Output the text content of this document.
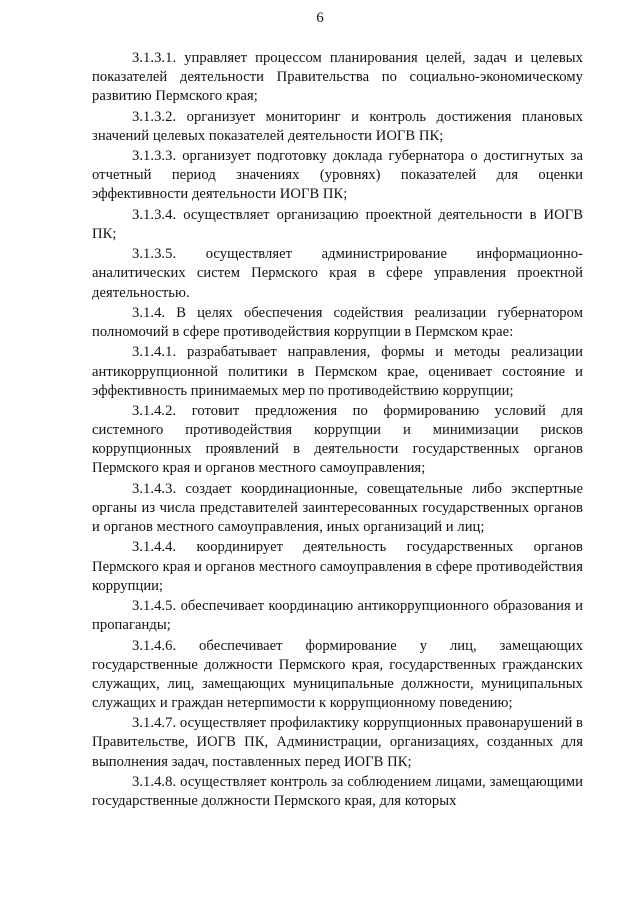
6

3.1.3.1. управляет процессом планирования целей, задач и целевых показателей деятельности Правительства по социально-экономическому развитию Пермского края;

3.1.3.2. организует мониторинг и контроль достижения плановых значений целевых показателей деятельности ИОГВ ПК;

3.1.3.3. организует подготовку доклада губернатора о достигнутых за отчетный период значениях (уровнях) показателей для оценки эффективности деятельности ИОГВ ПК;

3.1.3.4. осуществляет организацию проектной деятельности в ИОГВ ПК;

3.1.3.5. осуществляет администрирование информационно-аналитических систем Пермского края в сфере управления проектной деятельностью.

3.1.4. В целях обеспечения содействия реализации губернатором полномочий в сфере противодействия коррупции в Пермском крае:

3.1.4.1. разрабатывает направления, формы и методы реализации антикоррупционной политики в Пермском крае, оценивает состояние и эффективность принимаемых мер по противодействию коррупции;

3.1.4.2. готовит предложения по формированию условий для системного противодействия коррупции и минимизации рисков коррупционных проявлений в деятельности государственных органов Пермского края и органов местного самоуправления;

3.1.4.3. создает координационные, совещательные либо экспертные органы из числа представителей заинтересованных государственных органов и органов местного самоуправления, иных организаций и лиц;

3.1.4.4. координирует деятельность государственных органов Пермского края и органов местного самоуправления в сфере противодействия коррупции;

3.1.4.5. обеспечивает координацию антикоррупционного образования и пропаганды;

3.1.4.6. обеспечивает формирование у лиц, замещающих государственные должности Пермского края, государственных гражданских служащих, лиц, замещающих муниципальные должности, муниципальных служащих и граждан нетерпимости к коррупционному поведению;

3.1.4.7. осуществляет профилактику коррупционных правонарушений в Правительстве, ИОГВ ПК, Администрации, организациях, созданных для выполнения задач, поставленных перед ИОГВ ПК;

3.1.4.8. осуществляет контроль за соблюдением лицами, замещающими государственные должности Пермского края, для которых
